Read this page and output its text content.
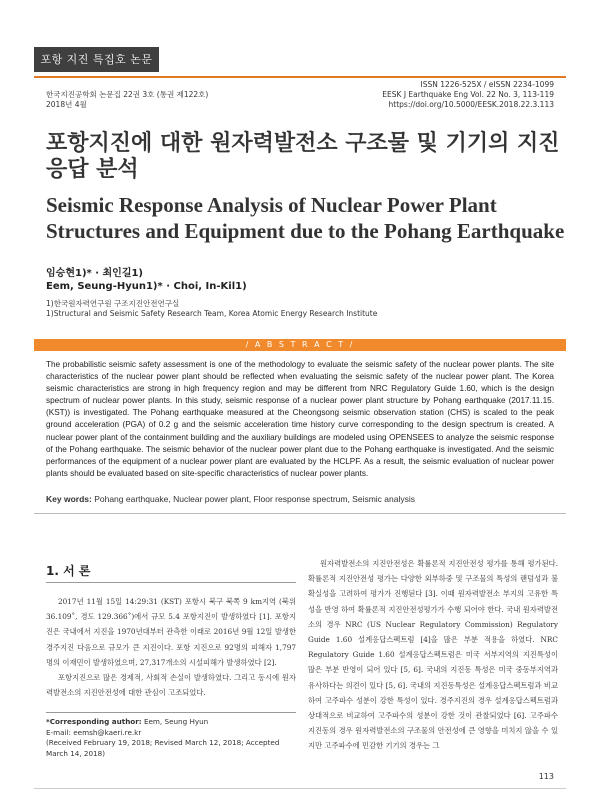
포항 지진 특집호 논문
한국지진공학회 논문집 22권 3호 (통권 제122호)
2018년 4월
ISSN 1226-525X / eISSN 2234-1099
EESK J Earthquake Eng Vol. 22 No. 3, 113-119
https://doi.org/10.5000/EESK.2018.22.3.113
포항지진에 대한 원자력발전소 구조물 및 기기의 지진응답 분석
Seismic Response Analysis of Nuclear Power Plant Structures and Equipment due to the Pohang Earthquake
임승현1)* · 최인길1)
Eem, Seung-Hyun1)* · Choi, In-Kil1)
1)한국원자력연구원 구조지진안전연구실
1)Structural and Seismic Safety Research Team, Korea Atomic Energy Research Institute
/ A B S T R A C T /

The probabilistic seismic safety assessment is one of the methodology to evaluate the seismic safety of the nuclear power plants. The site characteristics of the nuclear power plant should be reflected when evaluating the seismic safety of the nuclear power plant. The Korea seismic characteristics are strong in high frequency region and may be different from NRC Regulatory Guide 1.60, which is the design spectrum of nuclear power plants. In this study, seismic response of a nuclear power plant structure by Pohang earthquake (2017.11.15. (KST)) is investigated. The Pohang earthquake measured at the Cheongsong seismic observation station (CHS) is scaled to the peak ground acceleration (PGA) of 0.2 g and the seismic acceleration time history curve corresponding to the design spectrum is created. A nuclear power plant of the containment building and the auxiliary buildings are modeled using OPENSEES to analyze the seismic response of the Pohang earthquake. The seismic behavior of the nuclear power plant due to the Pohang earthquake is investigated. And the seismic performances of the equipment of a nuclear power plant are evaluated by the HCLPF. As a result, the seismic evaluation of nuclear power plants should be evaluated based on site-specific characteristics of nuclear power plants.

Key words: Pohang earthquake, Nuclear power plant, Floor response spectrum, Seismic analysis
1. 서 론

2017년 11월 15일 14:29:31 (KST) 포항시 북구 북쪽 9 km지역 (북위 36.109˚, 경도 129.366˚)에서 규모 5.4 포항지진이 발생하였다 [1]. 포항지진은 국내에서 지진을 1970년대부터 관측한 이래로 2016년 9월 12일 발생한 경주지진 다음으로 규모가 큰 지진이다. 포항 지진으로 92명의 피해자 1,797명의 이재민이 발생하였으며, 27,317개소의 시설피해가 발생하였다 [2].

포항지진으로 많은 경제적, 사회적 손실이 발생하였다. 그리고 동시에 원자력발전소의 지진안전성에 대한 관심이 고조되었다.

원자력발전소의 지진안전성은 확률론적 지진안전성 평가를 통해 평가된다. 확률론적 지진안전성 평가는 다양한 외부하중 및 구조물의 특성의 랜덤성과 불확실성을 고려하여 평가가 진행된다 [3]. 이때 원자력발전소 부지의 고유한 특성을 반영 하여 확률론적 지진안전성평가가 수행 되어야 한다. 국내 원자력발전소의 경우 NRC (US Nuclear Regulatory Commission) Regulatory Guide 1.60 설계응답스펙트럼 [4]을 많은 부분 적용을 하였다. NRC Regulatory Guide 1.60 설계응답스펙트럼은 미국 서부지역의 지진특성이 많은 부분 반영이 되어 있다 [5, 6]. 국내의 지진동 특성은 미국 중동부지역과 유사하다는 의견이 있다 [5, 6]. 국내의 지진동특성은 설계응답스펙트럼과 비교하여 고주파수 성분이 강한 특성이 있다. 경주지진의 경우 설계응답스펙트럼과 상대적으로 비교하여 고주파수의 성분이 강한 것이 관찰되었다 [6]. 고주파수 지진동의 경우 원자력발전소의 구조물의 안전성에 큰 영향을 미치지 않을 수 있지만 고주파수에 민감한 기기의 경우는 그

*Corresponding author: Eem, Seung Hyun
E-mail: eemsh@kaeri.re.kr
(Received February 19, 2018; Revised March 12, 2018; Accepted March 14, 2018)
113
